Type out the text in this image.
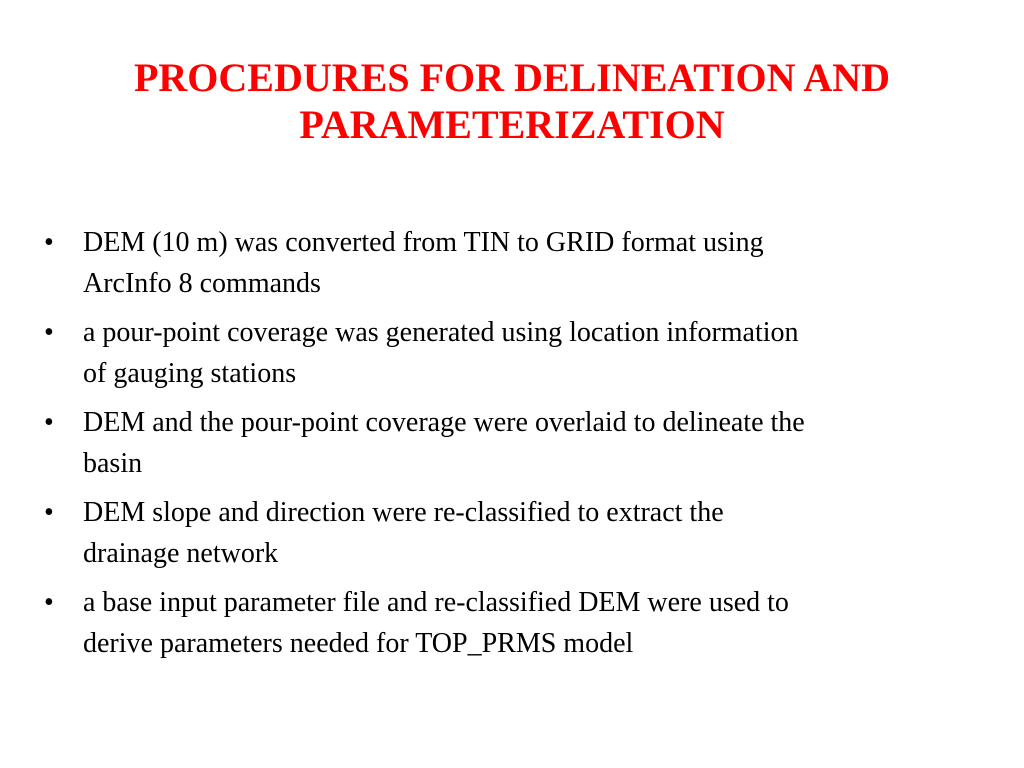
PROCEDURES FOR DELINEATION AND
PARAMETERIZATION
•	DEM (10 m) was converted from TIN to GRID format using
ArcInfo 8 commands
•	a pour-point coverage was generated using location information
of gauging stations
•	DEM and the pour-point coverage were overlaid to delineate the
basin
•	DEM slope and direction were re-classified to extract the
drainage network
•	a base input parameter file and re-classified DEM were used to
derive parameters needed for TOP_PRMS model
